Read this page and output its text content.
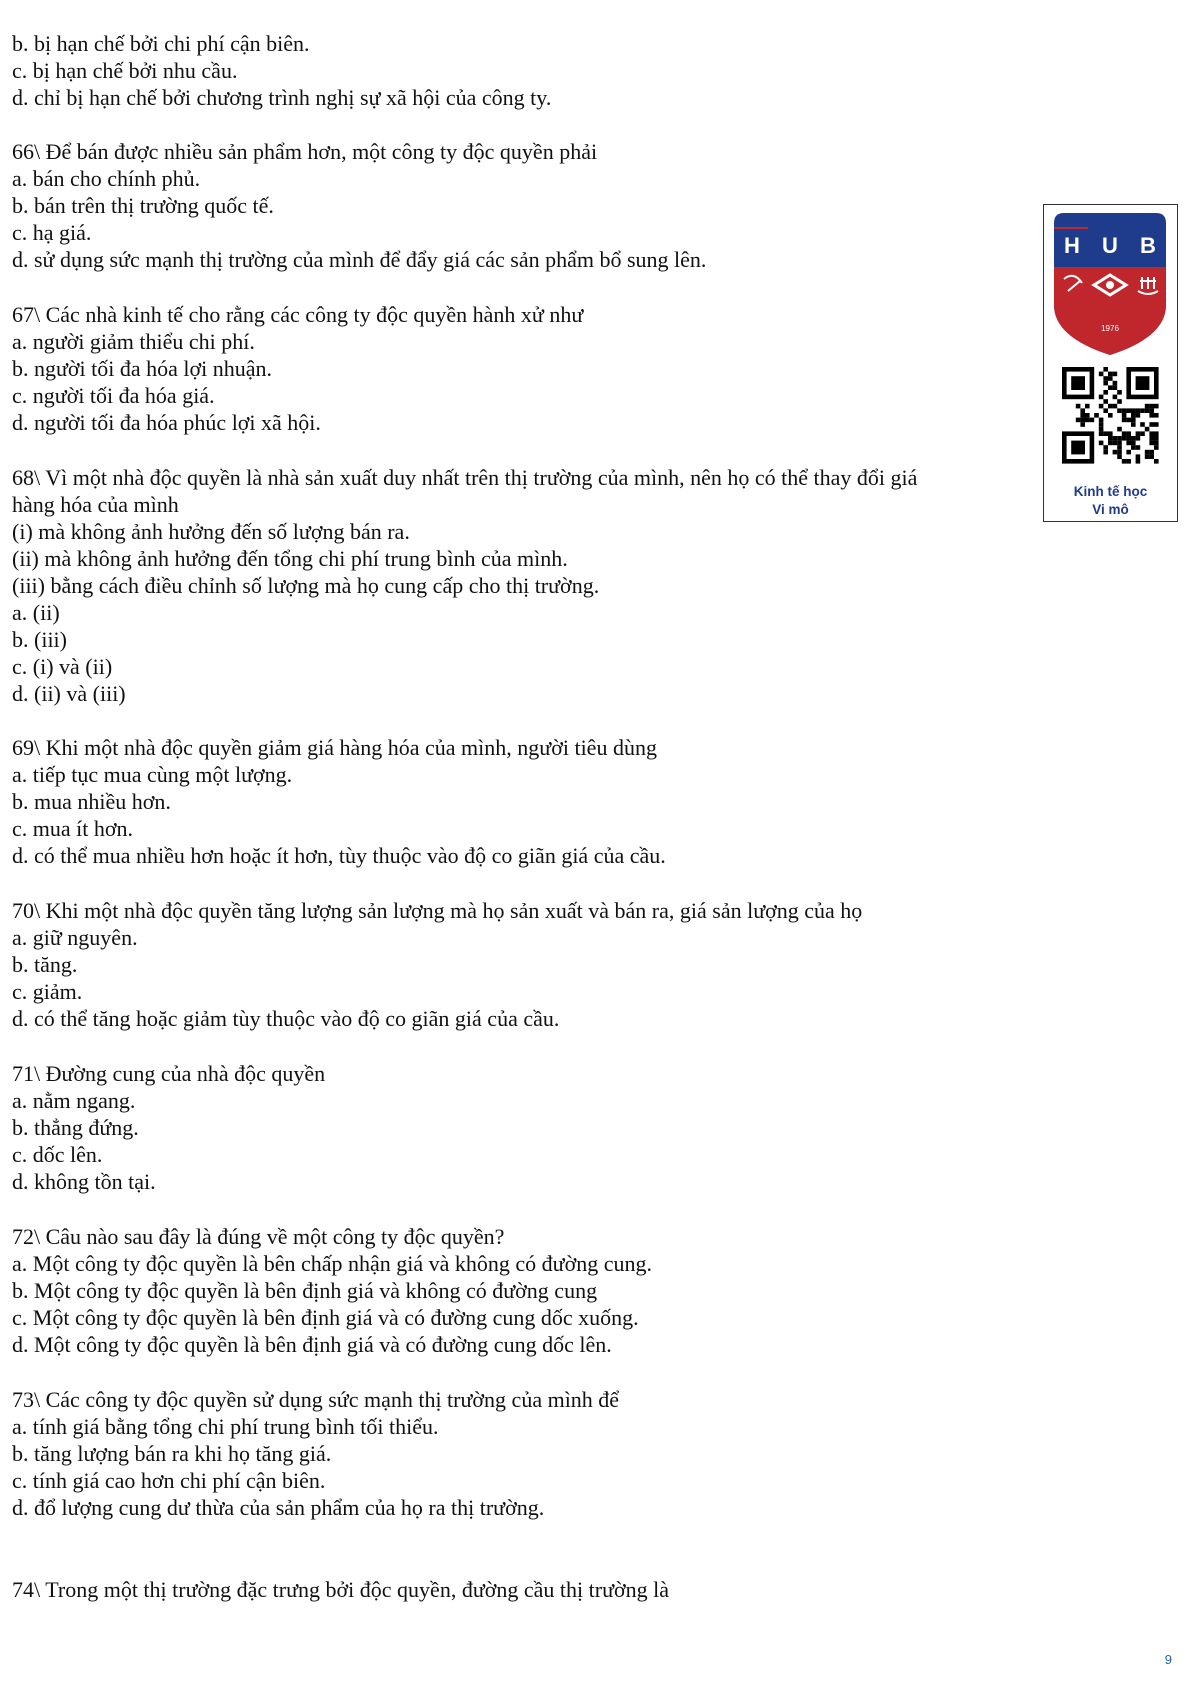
b. bị hạn chế bởi chi phí cận biên.
c. bị hạn chế bởi nhu cầu.
d. chỉ bị hạn chế bởi chương trình nghị sự xã hội của công ty.
66\ Để bán được nhiều sản phẩm hơn, một công ty độc quyền phải
a. bán cho chính phủ.
b. bán trên thị trường quốc tế.
c. hạ giá.
d. sử dụng sức mạnh thị trường của mình để đẩy giá các sản phẩm bổ sung lên.
67\ Các nhà kinh tế cho rằng các công ty độc quyền hành xử như
a. người giảm thiểu chi phí.
b. người tối đa hóa lợi nhuận.
c. người tối đa hóa giá.
d. người tối đa hóa phúc lợi xã hội.
68\ Vì một nhà độc quyền là nhà sản xuất duy nhất trên thị trường của mình, nên họ có thể thay đổi giá
hàng hóa của mình
(i) mà không ảnh hưởng đến số lượng bán ra.
(ii) mà không ảnh hưởng đến tổng chi phí trung bình của mình.
(iii) bằng cách điều chỉnh số lượng mà họ cung cấp cho thị trường.
a. (ii)
b. (iii)
c. (i) và (ii)
d. (ii) và (iii)
69\ Khi một nhà độc quyền giảm giá hàng hóa của mình, người tiêu dùng
a. tiếp tục mua cùng một lượng.
b. mua nhiều hơn.
c. mua ít hơn.
d. có thể mua nhiều hơn hoặc ít hơn, tùy thuộc vào độ co giãn giá của cầu.
70\ Khi một nhà độc quyền tăng lượng sản lượng mà họ sản xuất và bán ra, giá sản lượng của họ
a. giữ nguyên.
b. tăng.
c. giảm.
d. có thể tăng hoặc giảm tùy thuộc vào độ co giãn giá của cầu.
71\ Đường cung của nhà độc quyền
a. nằm ngang.
b. thẳng đứng.
c. dốc lên.
d. không tồn tại.
72\ Câu nào sau đây là đúng về một công ty độc quyền?
a. Một công ty độc quyền là bên chấp nhận giá và không có đường cung.
b. Một công ty độc quyền là bên định giá và không có đường cung
c. Một công ty độc quyền là bên định giá và có đường cung dốc xuống.
d. Một công ty độc quyền là bên định giá và có đường cung dốc lên.
73\ Các công ty độc quyền sử dụng sức mạnh thị trường của mình để
a. tính giá bằng tổng chi phí trung bình tối thiểu.
b. tăng lượng bán ra khi họ tăng giá.
c. tính giá cao hơn chi phí cận biên.
d. đổ lượng cung dư thừa của sản phẩm của họ ra thị trường.
74\ Trong một thị trường đặc trưng bởi độc quyền, đường cầu thị trường là
H U B
1976
Kinh tế học
Vi mô
9
